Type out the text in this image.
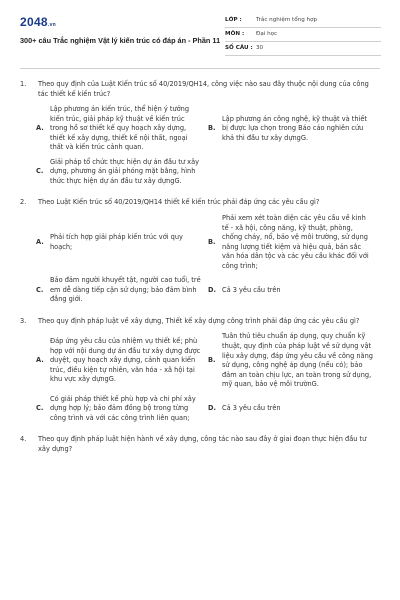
2048.vn
300+ câu Trắc nghiệm Vật lý kiến trúc có đáp án - Phần 11
LỚP :	Trắc nghiệm tổng hợp
MÔN :	Đại học
SỐ CÂU : 30
1.	Theo quy định của Luật Kiến trúc số 40/2019/QH14, công việc nào sau đây thuộc nội dung của công tác thiết kế kiến trúc?
A.
Lập phương án kiến trúc, thể hiện ý tưởng kiến trúc, giải pháp kỹ thuật về kiến trúc trong hồ sơ thiết kế quy hoạch xây dựng, thiết kế xây dựng, thiết kế nội thất, ngoại thất và kiến trúc cảnh quan.
B.
Lập phương án công nghệ, kỹ thuật và thiết bị được lựa chọn trong Báo cáo nghiên cứu khả thi đầu tư xây dựngG.
C.
Giải pháp tổ chức thực hiện dự án đầu tư xây dựng, phương án giải phóng mặt bằng, hình thức thực hiện dự án đầu tư xây dựngG.
2.	Theo Luật Kiến trúc số 40/2019/QH14 thiết kế kiến trúc phải đáp ứng các yêu cầu gì?
A.
Phải tích hợp giải pháp kiến trúc với quy hoạch;
B.
Phải xem xét toàn diện các yêu cầu về kinh tế - xã hội, công năng, kỹ thuật, phòng, chống cháy, nổ, bảo vệ môi trường, sử dụng năng lượng tiết kiệm và hiệu quả, bản sắc văn hóa dân tộc và các yêu cầu khác đối với công trình;
C.
Bảo đảm người khuyết tật, người cao tuổi, trẻ em dễ dàng tiếp cận sử dụng; bảo đảm bình đẳng giới.
D. Cả 3 yêu cầu trên
3.	Theo quy định pháp luật về xây dựng, Thiết kế xây dựng công trình phải đáp ứng các yêu cầu gì?
A.
Đáp ứng yêu cầu của nhiệm vụ thiết kế; phù hợp với nội dung dự án đầu tư xây dựng được duyệt, quy hoạch xây dựng, cảnh quan kiến trúc, điều kiện tự nhiên, văn hóa - xã hội tại khu vực xây dựngG.
B.
Tuân thủ tiêu chuẩn áp dụng, quy chuẩn kỹ thuật, quy định của pháp luật về sử dụng vật liệu xây dựng, đáp ứng yêu cầu về công năng sử dụng, công nghệ áp dụng (nếu có); bảo đảm an toàn chịu lực, an toàn trong sử dụng, mỹ quan, bảo vệ môi trườnG.
C.
Có giải pháp thiết kế phù hợp và chi phí xây dựng hợp lý; bảo đảm đồng bộ trong từng công trình và với các công trình liên quan;
D. Cả 3 yêu cầu trên
4.	Theo quy định pháp luật hiện hành về xây dựng, công tác nào sau đây ở giai đoạn thực hiện đầu tư xây dựng?
